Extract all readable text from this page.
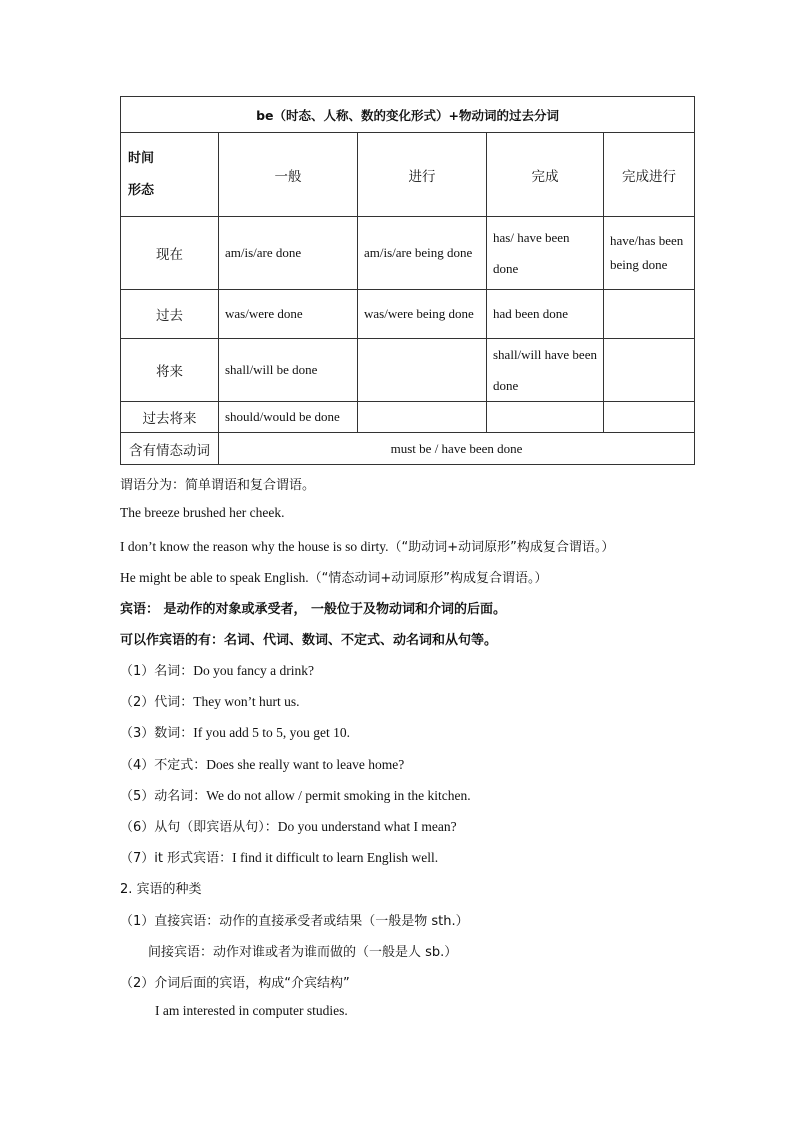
be（时态、人称、数的变化形式）+物动词的过去分词				

时间
形态	一般	进行	完成	完成进行
现在	am/is/are done	am/is/are being done	has/ have been done	have/has been being done
过去	was/were done	was/were being done	had been done	
将来	shall/will be done		shall/will have been done	
过去将来	should/would be done			
含有情态动词	must be / have been done			
谓语分为：简单谓语和复合谓语。
The breeze brushed her cheek.
I don’t know the reason why the house is so dirty.（“助动词+动词原形”构成复合谓语。）
He might be able to speak English.（“情态动词+动词原形”构成复合谓语。）
宾语： 是动作的对象或承受者， 一般位于及物动词和介词的后面。
可以作宾语的有：名词、代词、数词、不定式、动名词和从句等。
（1）名词：Do you fancy a drink?
（2）代词：They won’t hurt us.
（3）数词：If you add 5 to 5, you get 10.
（4）不定式：Does she really want to leave home?
（5）动名词：We do not allow / permit smoking in the kitchen.
（6）从句（即宾语从句）：Do you understand what I mean?
（7）it 形式宾语：I find it difficult to learn English well.
2. 宾语的种类
（1）直接宾语：动作的直接承受者或结果（一般是物 sth.）
间接宾语：动作对谁或者为谁而做的（一般是人 sb.）
（2）介词后面的宾语，构成“介宾结构”
I am interested in computer studies.
